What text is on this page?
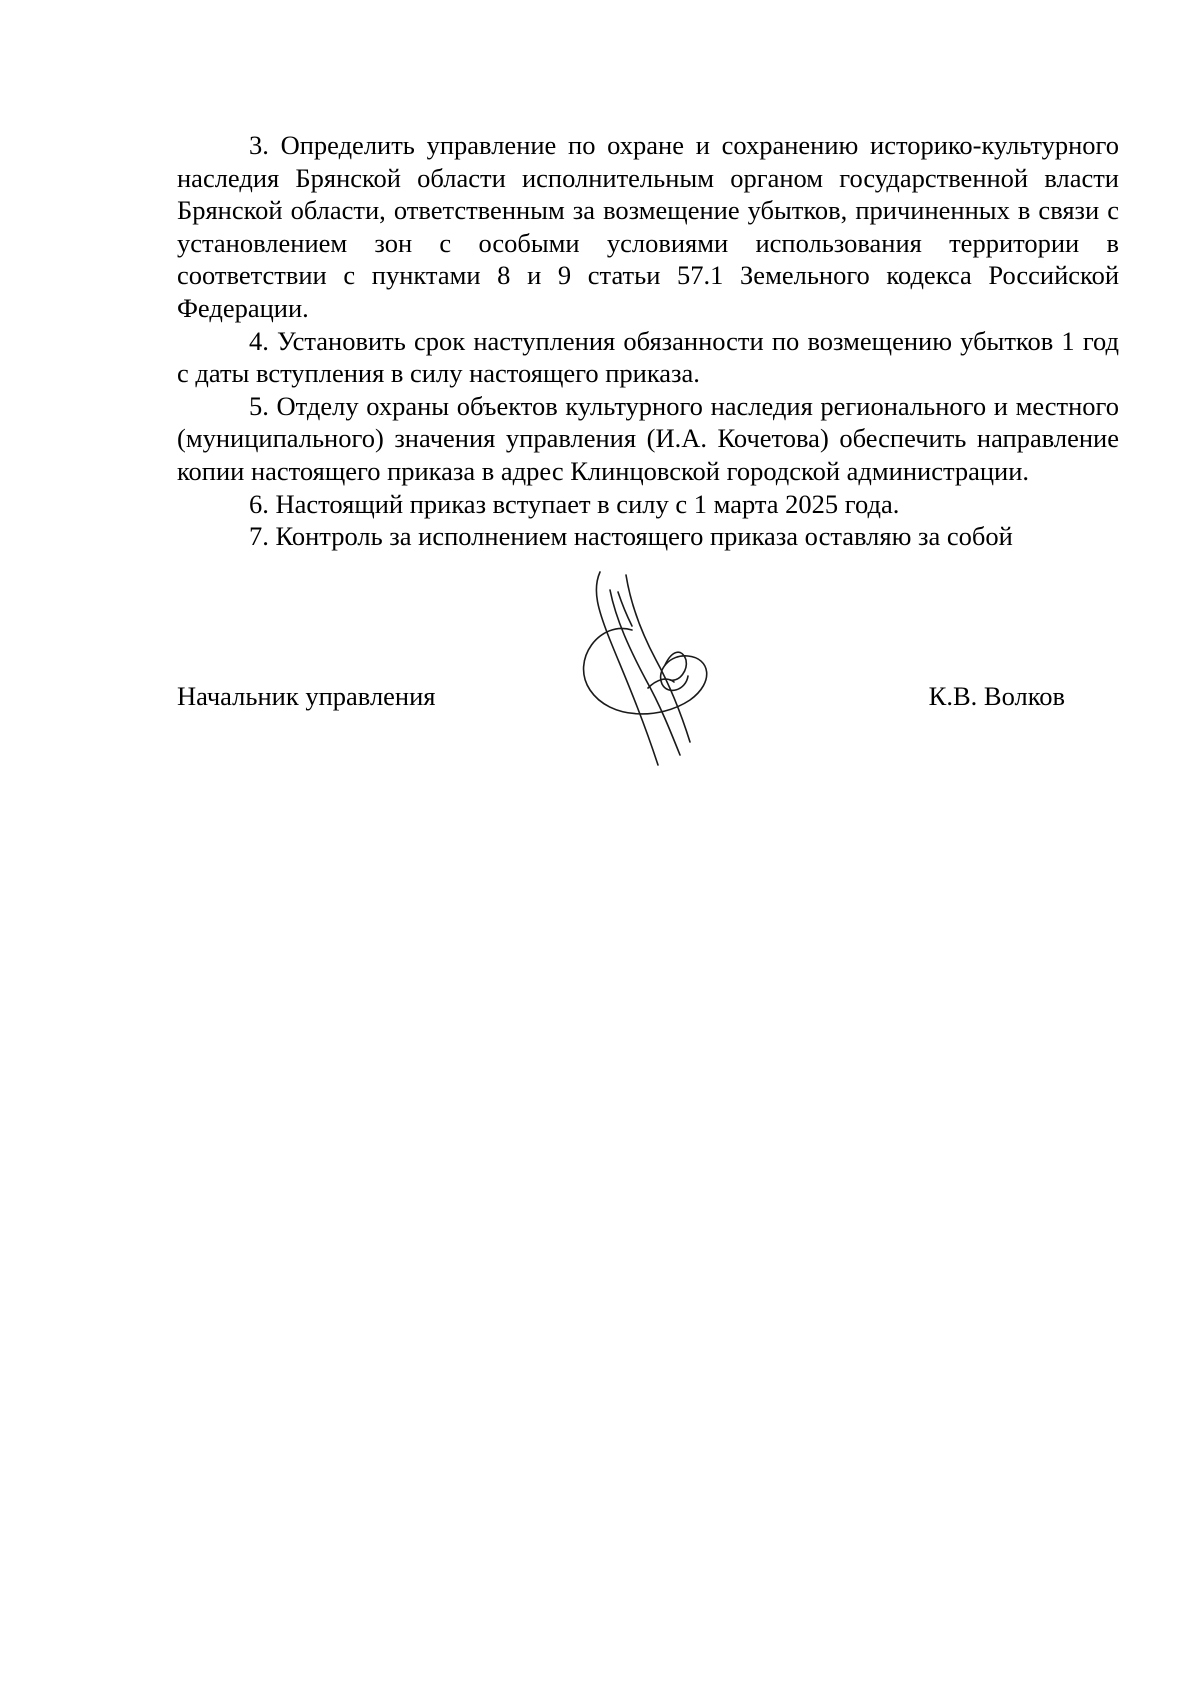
3. Определить управление по охране и сохранению историко-культурного наследия Брянской области исполнительным органом государственной власти Брянской области, ответственным за возмещение убытков, причиненных в связи с установлением зон с особыми условиями использования территории в соответствии с пунктами 8 и 9 статьи 57.1 Земельного кодекса Российской Федерации.

4. Установить срок наступления обязанности по возмещению убытков 1 год с даты вступления в силу настоящего приказа.

5. Отделу охраны объектов культурного наследия регионального и местного (муниципального) значения управления (И.А. Кочетова) обеспечить направление копии настоящего приказа в адрес Клинцовской городской администрации.

6. Настоящий приказ вступает в силу с 1 марта 2025 года.

7. Контроль за исполнением настоящего приказа оставляю за собой

Начальник управления	К.В. Волков
